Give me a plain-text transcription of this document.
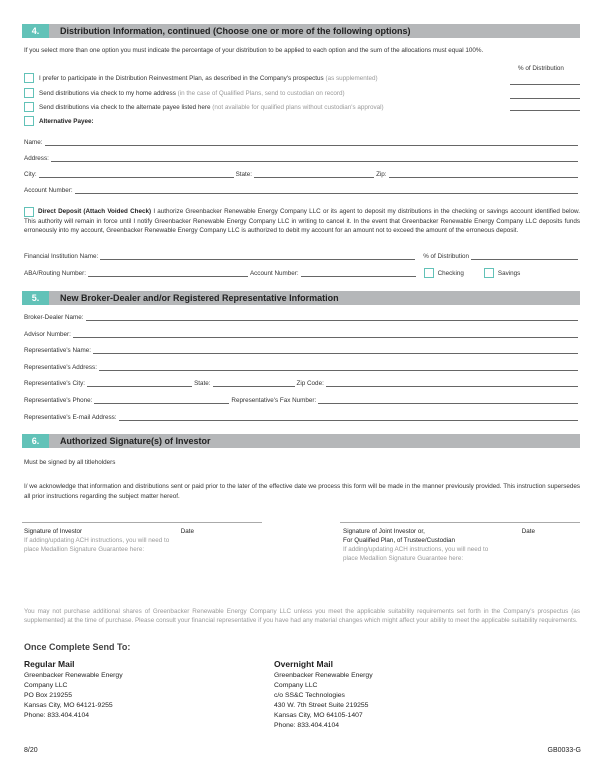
4.	Distribution Information, continued (Choose one or more of the following options)
If you select more than one option you must indicate the percentage of your distribution to be applied to each option and the sum of the allocations must equal 100%.
% of Distribution
I prefer to participate in the Distribution Reinvestment Plan, as described in the Company's prospectus (as supplemented)
Send distributions via check to my home address (in the case of Qualified Plans, send to custodian on record)
Send distributions via check to the alternate payee listed here (not available for qualified plans without custodian's approval)
Alternative Payee:
Name:
Address:
City:	State:	Zip:
Account Number:
Direct Deposit (Attach Voided Check) I authorize Greenbacker Renewable Energy Company LLC or its agent to deposit my distributions in the checking or savings account identified below. This authority will remain in force until I notify Greenbacker Renewable Energy Company LLC in writing to cancel it. In the event that Greenbacker Renewable Energy Company LLC deposits funds erroneously into my account, Greenbacker Renewable Energy Company LLC is authorized to debit my account for an amount not to exceed the amount of the erroneous deposit.
Financial Institution Name:	% of Distribution
ABA/Routing Number:	Account Number:	Checking	Savings
5.	New Broker-Dealer and/or Registered Representative Information
Broker-Dealer Name:
Advisor Number:
Representative's Name:
Representative's Address:
Representative's City:	State:	Zip Code:
Representative's Phone:	Representative's Fax Number:
Representative's E-mail Address:
6.	Authorized Signature(s) of Investor
Must be signed by all titleholders
I/ we acknowledge that information and distributions sent or paid prior to the later of the effective date we process this form will be made in the manner previously provided. This instruction supersedes all prior instructions regarding the subject matter hereof.
Signature of Investor	Date
If adding/updating ACH instructions, you will need to
place Medallion Signature Guarantee here:
Signature of Joint Investor or,	Date
For Qualified Plan, of Trustee/Custodian
If adding/updating ACH instructions, you will need to
place Medallion Signature Guarantee here:
You may not purchase additional shares of Greenbacker Renewable Energy Company LLC unless you meet the applicable suitability requirements set forth in the Company's prospectus (as supplemented) at the time of purchase. Please consult your financial representative if you have had any material changes which might affect your ability to meet the applicable suitability requirements.
Once Complete Send To:
Regular Mail
Greenbacker Renewable Energy
Company LLC
PO Box 219255
Kansas City, MO 64121-9255
Phone: 833.404.4104
Overnight Mail
Greenbacker Renewable Energy
Company LLC
c/o SS&C Technologies
430 W. 7th Street Suite 219255
Kansas City, MO 64105-1407
Phone: 833.404.4104
8/20	GB0033-G
